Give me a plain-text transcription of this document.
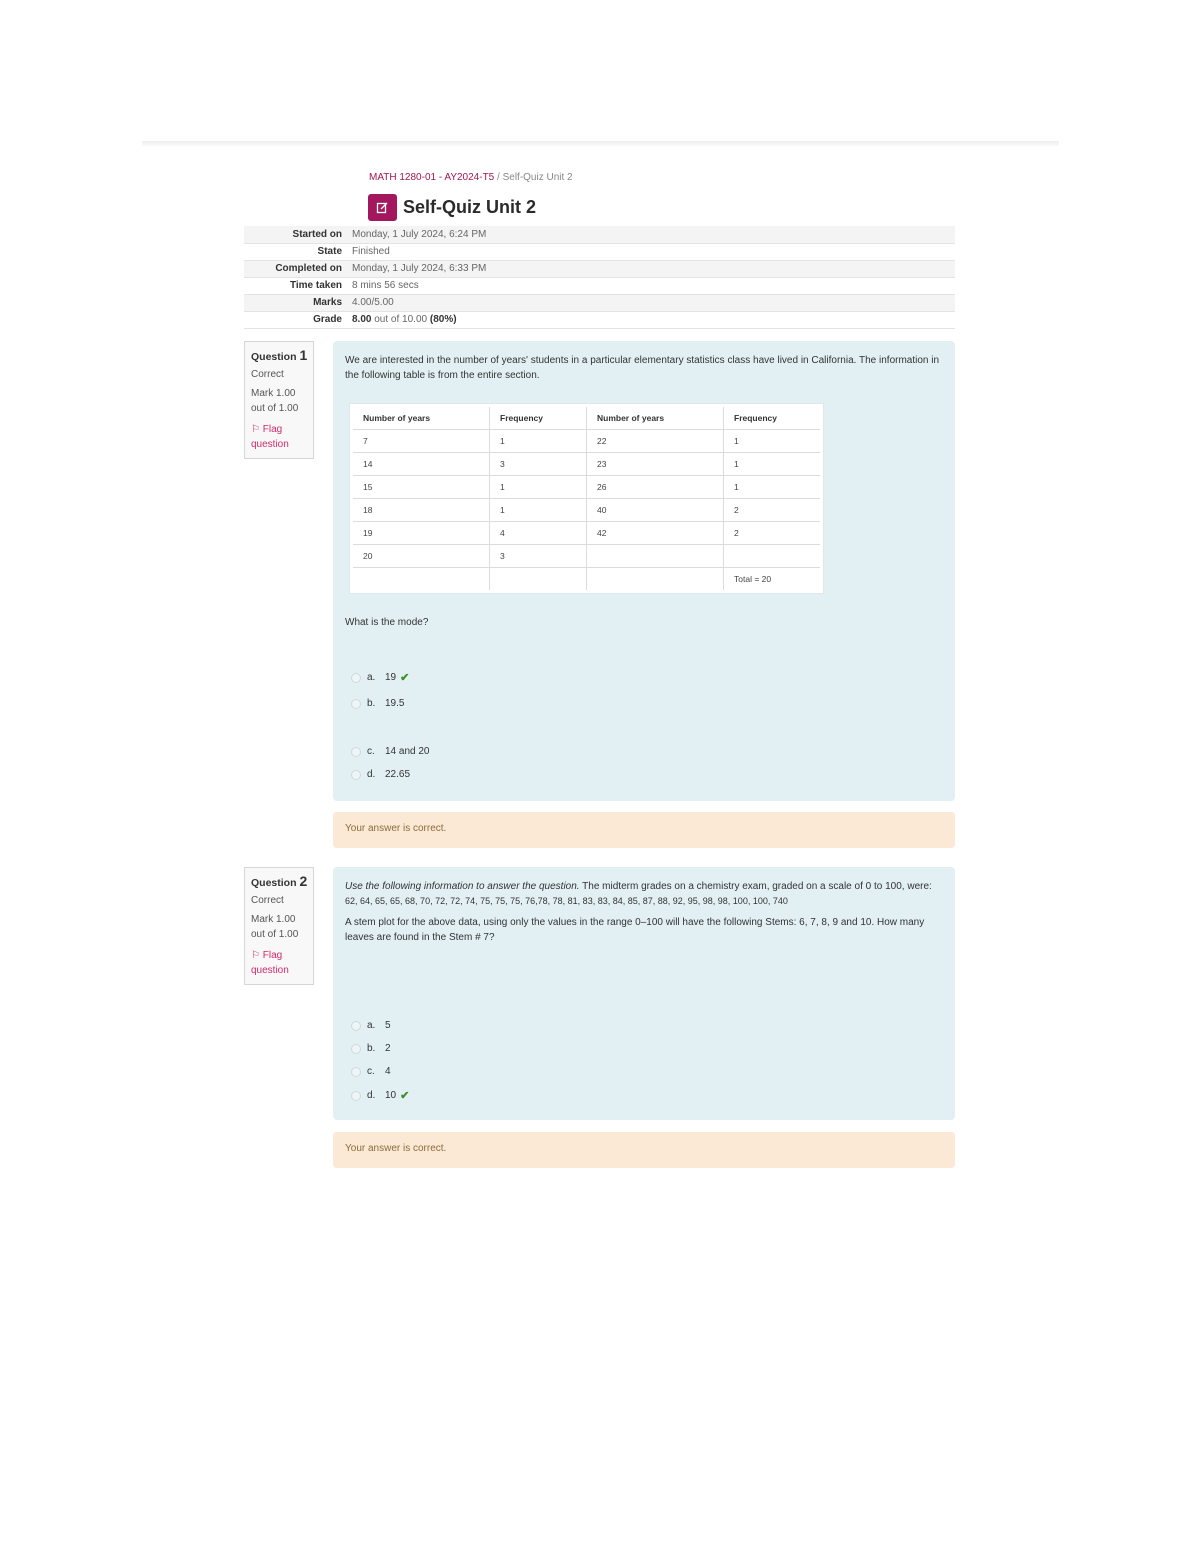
MATH 1280-01 - AY2024-T5 / Self-Quiz Unit 2
Self-Quiz Unit 2
Started on	Monday, 1 July 2024, 6:24 PM
State	Finished
Completed on	Monday, 1 July 2024, 6:33 PM
Time taken	8 mins 56 secs
Marks	4.00/5.00
Grade	8.00 out of 10.00 (80%)
Question 1
Correct
Mark 1.00
out of 1.00
⚐ Flag question
We are interested in the number of years' students in a particular elementary statistics class have lived in California. The information in the following table is from the entire section.
Number of years	Frequency	Number of years	Frequency
7	1	22	1
14	3	23	1
15	1	26	1
18	1	40	2
19	4	42	2
20	3		
			Total = 20
What is the mode?
a. 19 ✔
b. 19.5
c.	14 and 20
d. 22.65
Your answer is correct.
Question 2
Correct
Mark 1.00
out of 1.00
⚐ Flag question
Use the following information to answer the question. The midterm grades on a chemistry exam, graded on a scale of 0 to 100, were:
62, 64, 65, 65, 68, 70, 72, 72, 74, 75, 75, 75, 76,78, 78, 81, 83, 83, 84, 85, 87, 88, 92, 95, 98, 98, 100, 100, 740
A stem plot for the above data, using only the values in the range 0–100 will have the following Stems: 6, 7, 8, 9 and 10. How many leaves are found in the Stem # 7?
a. 5
b. 2
c.	4
d. 10 ✔
Your answer is correct.
